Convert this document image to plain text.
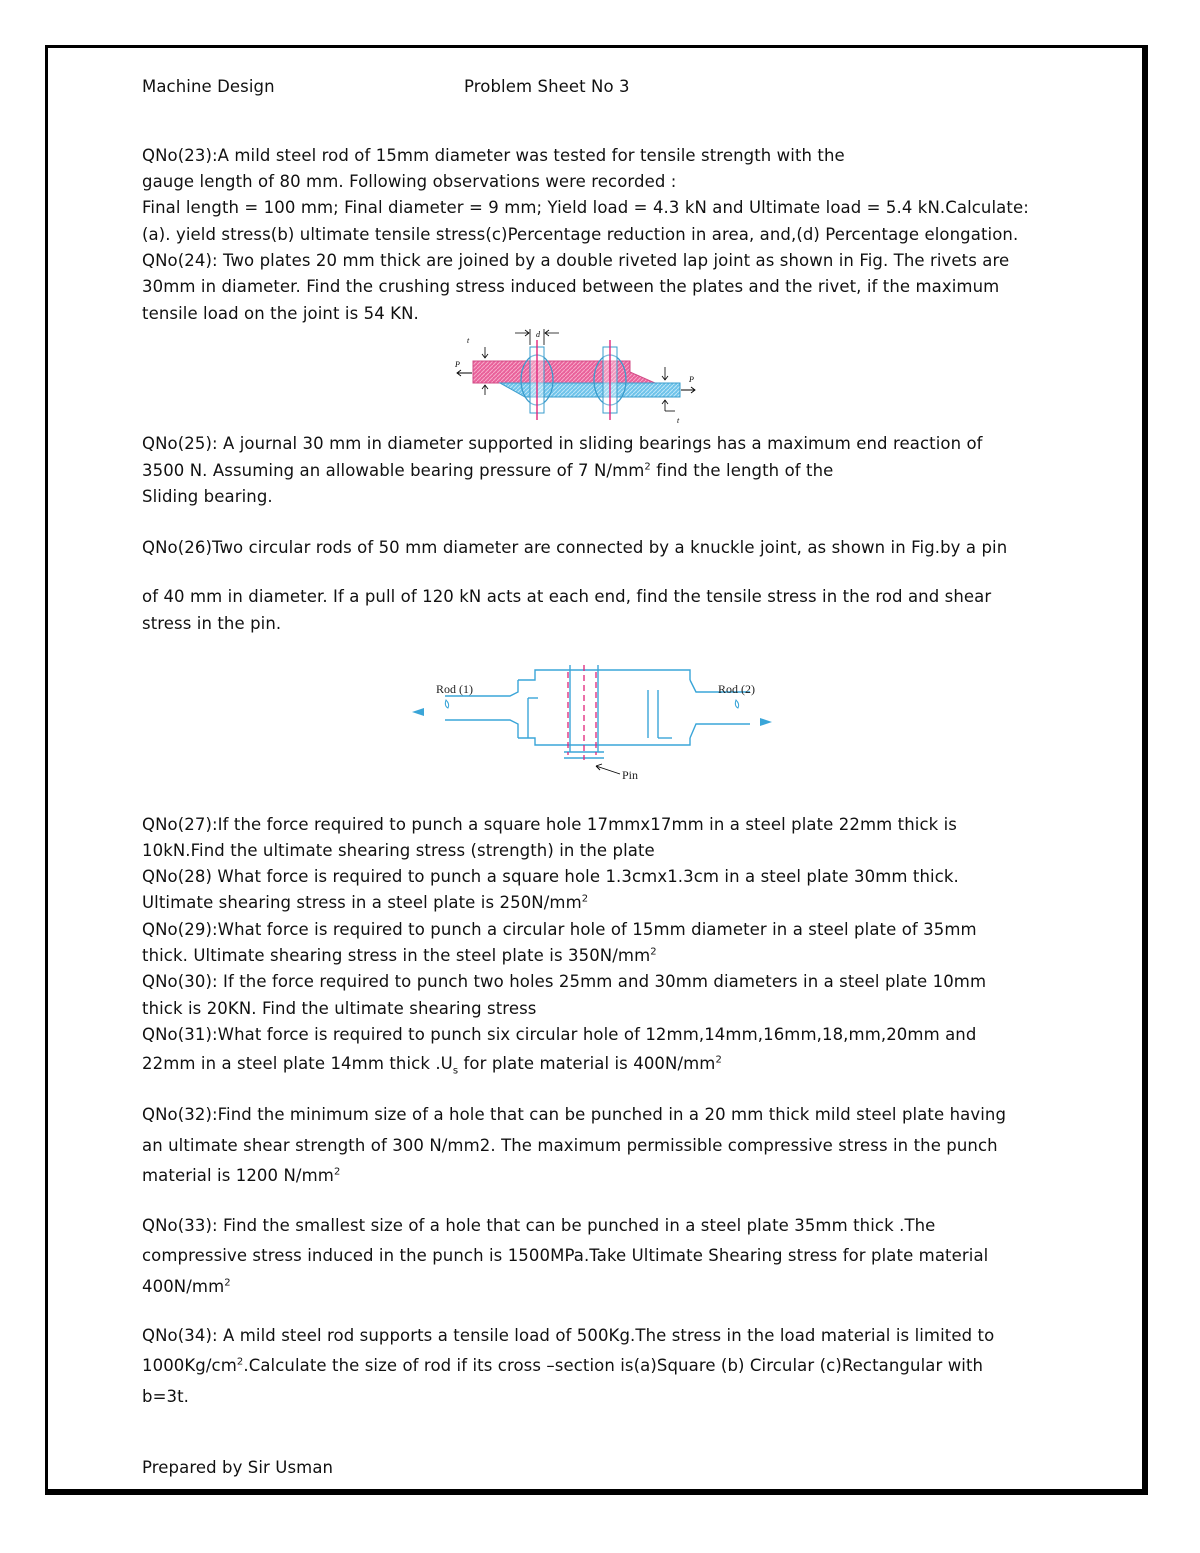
Machine Design	Problem Sheet No 3
QNo(23):A mild steel rod of 15mm diameter was tested for tensile strength with the
gauge length of 80 mm. Following observations were recorded :
Final length = 100 mm; Final diameter = 9 mm; Yield load = 4.3 kN and Ultimate load = 5.4 kN.Calculate:
(a). yield stress(b) ultimate tensile stress(c)Percentage reduction in area, and,(d) Percentage elongation.
QNo(24): Two plates 20 mm thick are joined by a double riveted lap joint as shown in Fig. The rivets are
30mm in diameter. Find the crushing stress induced between the plates and the rivet, if the maximum
tensile load on the joint is 54 KN.
d
t
P
P
t
QNo(25): A journal 30 mm in diameter supported in sliding bearings has a maximum end reaction of
3500 N. Assuming an allowable bearing pressure of 7 $N/mm^2$ find the length of the
Sliding bearing.
QNo(26)Two circular rods of 50 mm diameter are connected by a knuckle joint, as shown in Fig.by a pin
of 40 mm in diameter. If a pull of 120 kN acts at each end, find the tensile stress in the rod and shear
stress in the pin.
Rod (1)	Rod (2)
Pin
QNo(27):If the force required to punch a square hole 17mmx17mm in a steel plate 22mm thick is
10kN.Find the ultimate shearing stress (strength) in the plate
QNo(28) What force is required to punch a square hole 1.3cmx1.3cm in a steel plate 30mm thick.
Ultimate shearing stress in a steel plate is $250N/mm^2$
QNo(29):What force is required to punch a circular hole of 15mm diameter in a steel plate of 35mm
thick. Ultimate shearing stress in the steel plate is $350N/mm^2$
QNo(30): If the force required to punch two holes 25mm and 30mm diameters in a steel plate 10mm
thick is 20KN. Find the ultimate shearing stress
QNo(31):What force is required to punch six circular hole of 12mm,14mm,16mm,18,mm,20mm and
22mm in a steel plate 14mm thick $.U_s$ for plate material is $400N/mm^2$
QNo(32):Find the minimum size of a hole that can be punched in a 20 mm thick mild steel plate having
an ultimate shear strength of 300 N/mm2. The maximum permissible compressive stress in the punch
material is 1200 $N/mm^2$
QNo(33): Find the smallest size of a hole that can be punched in a steel plate 35mm thick .The
compressive stress induced in the punch is 1500MPa.Take Ultimate Shearing stress for plate material
$400N/mm^2$
QNo(34): A mild steel rod supports a tensile load of 500Kg.The stress in the load material is limited to
$1000Kg/cm^2.Calculate$ the size of rod if its cross –section is(a)Square (b) Circular (c)Rectangular with
b=3t.
Prepared by Sir Usman
